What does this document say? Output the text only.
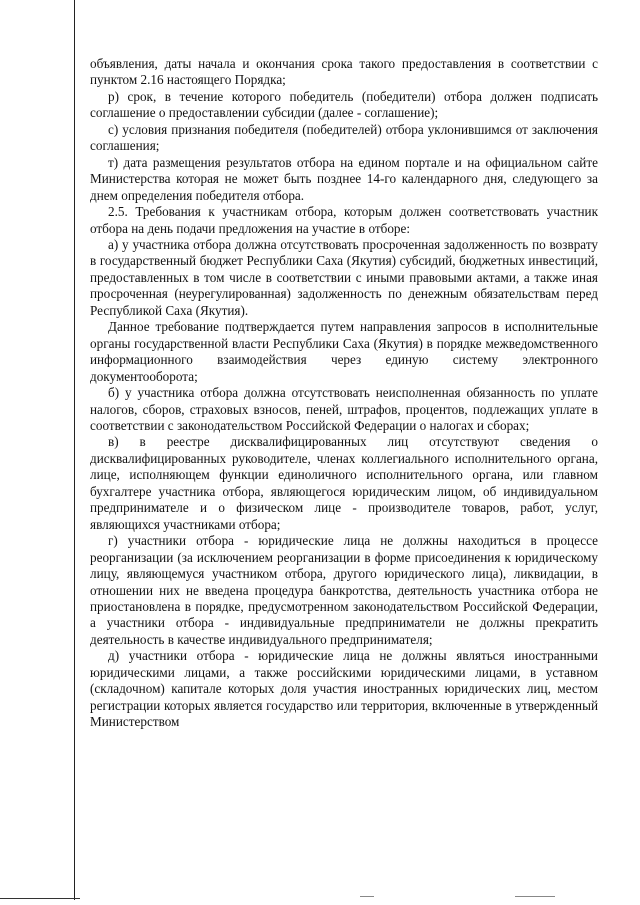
объявления, даты начала и окончания срока такого предоставления в соответствии с пунктом 2.16 настоящего Порядка;

р) срок, в течение которого победитель (победители) отбора должен подписать соглашение о предоставлении субсидии (далее - соглашение);

с) условия признания победителя (победителей) отбора уклонившимся от заключения соглашения;

т) дата размещения результатов отбора на едином портале и на официальном сайте Министерства которая не может быть позднее 14-го календарного дня, следующего за днем определения победителя отбора.

2.5. Требования к участникам отбора, которым должен соответствовать участник отбора на день подачи предложения на участие в отборе:

а) у участника отбора должна отсутствовать просроченная задолженность по возврату в государственный бюджет Республики Саха (Якутия) субсидий, бюджетных инвестиций, предоставленных в том числе в соответствии с иными правовыми актами, а также иная просроченная (неурегулированная) задолженность по денежным обязательствам перед Республикой Саха (Якутия).

Данное требование подтверждается путем направления запросов в исполнительные органы государственной власти Республики Саха (Якутия) в порядке межведомственного информационного взаимодействия через единую систему электронного документооборота;

б) у участника отбора должна отсутствовать неисполненная обязанность по уплате налогов, сборов, страховых взносов, пеней, штрафов, процентов, подлежащих уплате в соответствии с законодательством Российской Федерации о налогах и сборах;

в) в реестре дисквалифицированных лиц отсутствуют сведения о дисквалифицированных руководителе, членах коллегиального исполнительного органа, лице, исполняющем функции единоличного исполнительного органа, или главном бухгалтере участника отбора, являющегося юридическим лицом, об индивидуальном предпринимателе и о физическом лице - производителе товаров, работ, услуг, являющихся участниками отбора;

г) участники отбора - юридические лица не должны находиться в процессе реорганизации (за исключением реорганизации в форме присоединения к юридическому лицу, являющемуся участником отбора, другого юридического лица), ликвидации, в отношении них не введена процедура банкротства, деятельность участника отбора не приостановлена в порядке, предусмотренном законодательством Российской Федерации, а участники отбора - индивидуальные предприниматели не должны прекратить деятельность в качестве индивидуального предпринимателя;

д) участники отбора - юридические лица не должны являться иностранными юридическими лицами, а также российскими юридическими лицами, в уставном (складочном) капитале которых доля участия иностранных юридических лиц, местом регистрации которых является государство или территория, включенные в утвержденный Министерством
